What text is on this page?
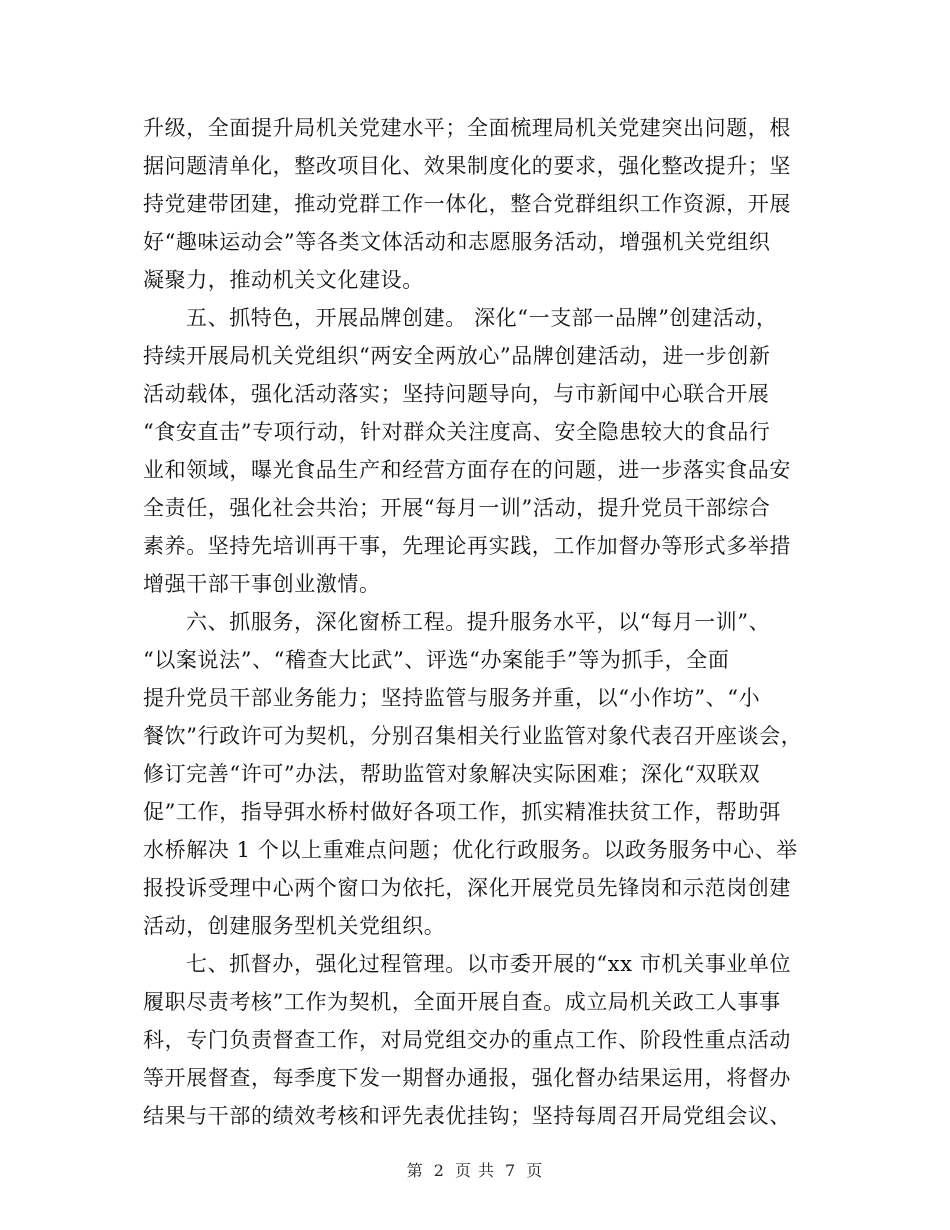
升级，全面提升局机关党建水平；全面梳理局机关党建突出问题，根
据问题清单化，整改项目化、效果制度化的要求，强化整改提升；坚
持党建带团建，推动党群工作一体化，整合党群组织工作资源，开展
好“趣味运动会”等各类文体活动和志愿服务活动，增强机关党组织
凝聚力，推动机关文化建设。
五、抓特色，开展品牌创建。 深化“一支部一品牌”创建活动，
持续开展局机关党组织“两安全两放心”品牌创建活动，进一步创新
活动载体，强化活动落实；坚持问题导向，与市新闻中心联合开展
“食安直击”专项行动，针对群众关注度高、安全隐患较大的食品行
业和领域，曝光食品生产和经营方面存在的问题，进一步落实食品安
全责任，强化社会共治；开展“每月一训”活动，提升党员干部综合
素养。坚持先培训再干事，先理论再实践，工作加督办等形式多举措
增强干部干事创业激情。
六、抓服务，深化窗桥工程。提升服务水平，以“每月一训”、
“以案说法”、“稽查大比武”、评选“办案能手”等为抓手，全面
提升党员干部业务能力；坚持监管与服务并重，以“小作坊”、“小
餐饮”行政许可为契机，分别召集相关行业监管对象代表召开座谈会，
修订完善“许可”办法，帮助监管对象解决实际困难；深化“双联双
促”工作，指导弭水桥村做好各项工作，抓实精准扶贫工作，帮助弭
水桥解决 1 个以上重难点问题；优化行政服务。以政务服务中心、举
报投诉受理中心两个窗口为依托，深化开展党员先锋岗和示范岗创建
活动，创建服务型机关党组织。
七、抓督办，强化过程管理。以市委开展的“xx 市机关事业单位
履职尽责考核”工作为契机，全面开展自查。成立局机关政工人事事
科，专门负责督查工作，对局党组交办的重点工作、阶段性重点活动
等开展督查，每季度下发一期督办通报，强化督办结果运用，将督办
结果与干部的绩效考核和评先表优挂钩；坚持每周召开局党组会议、
第 2 页 共 7 页
